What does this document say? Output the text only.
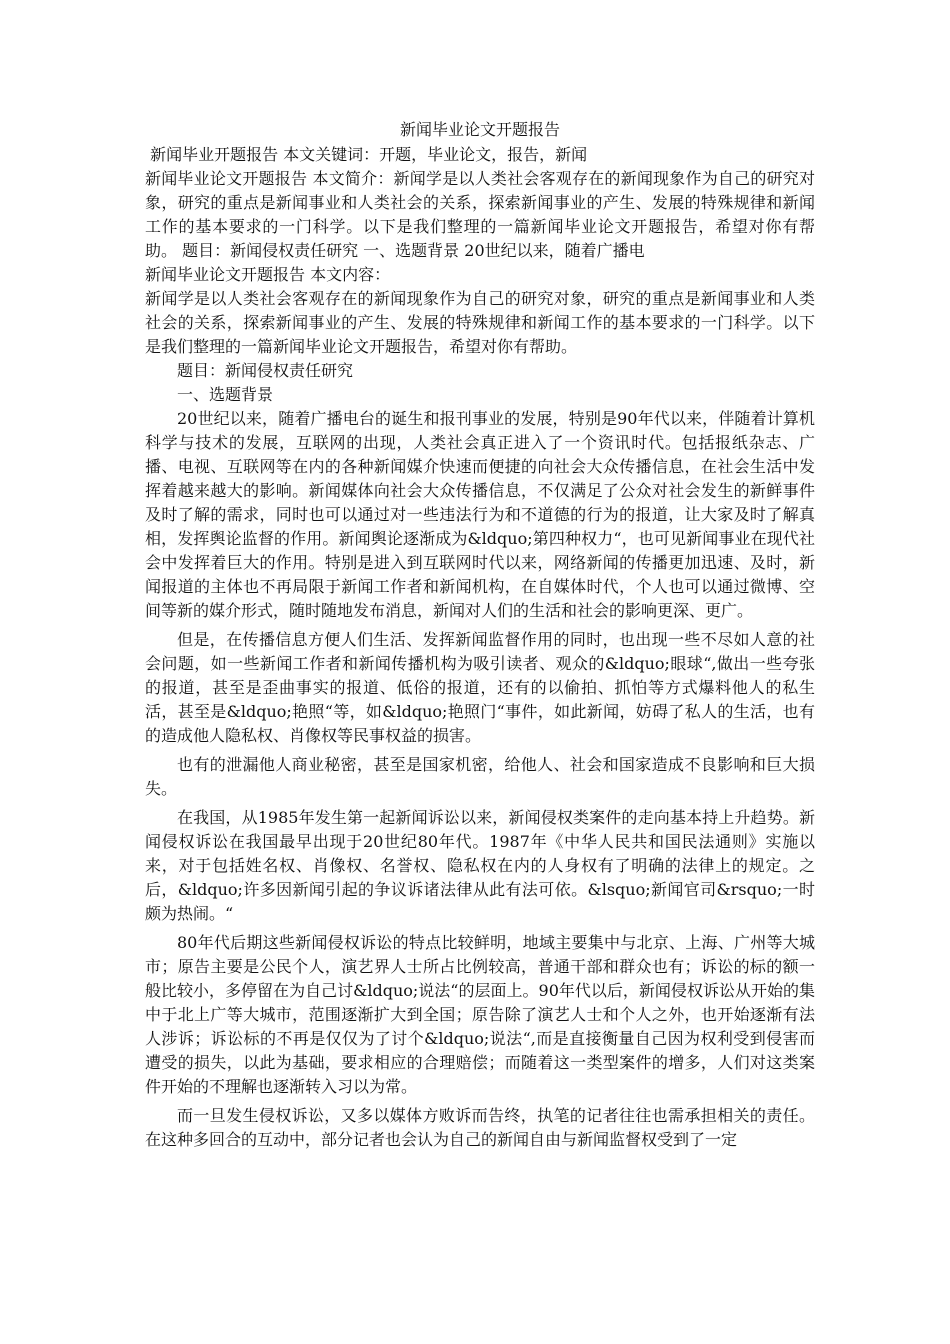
新闻毕业论文开题报告

新闻毕业开题报告 本文关键词：开题，毕业论文，报告，新闻

新闻毕业论文开题报告 本文简介：新闻学是以人类社会客观存在的新闻现象作为自己的研究对象，研究的重点是新闻事业和人类社会的关系，探索新闻事业的产生、发展的特殊规律和新闻工作的基本要求的一门科学。以下是我们整理的一篇新闻毕业论文开题报告，希望对你有帮助。 题目：新闻侵权责任研究 一、选题背景 20世纪以来，随着广播电

新闻毕业论文开题报告 本文内容：

新闻学是以人类社会客观存在的新闻现象作为自己的研究对象，研究的重点是新闻事业和人类社会的关系，探索新闻事业的产生、发展的特殊规律和新闻工作的基本要求的一门科学。以下是我们整理的一篇新闻毕业论文开题报告，希望对你有帮助。

题目：新闻侵权责任研究

一、选题背景

20世纪以来，随着广播电台的诞生和报刊事业的发展，特别是90年代以来，伴随着计算机科学与技术的发展，互联网的出现，人类社会真正进入了一个资讯时代。包括报纸杂志、广播、电视、互联网等在内的各种新闻媒介快速而便捷的向社会大众传播信息，在社会生活中发挥着越来越大的影响。新闻媒体向社会大众传播信息，不仅满足了公众对社会发生的新鲜事件及时了解的需求，同时也可以通过对一些违法行为和不道德的行为的报道，让大家及时了解真相，发挥舆论监督的作用。新闻舆论逐渐成为&ldquo;第四种权力“，也可见新闻事业在现代社会中发挥着巨大的作用。特别是进入到互联网时代以来，网络新闻的传播更加迅速、及时，新闻报道的主体也不再局限于新闻工作者和新闻机构，在自媒体时代，个人也可以通过微博、空间等新的媒介形式，随时随地发布消息，新闻对人们的生活和社会的影响更深、更广。

但是，在传播信息方便人们生活、发挥新闻监督作用的同时，也出现一些不尽如人意的社会问题，如一些新闻工作者和新闻传播机构为吸引读者、观众的&ldquo;眼球“,做出一些夸张的报道，甚至是歪曲事实的报道、低俗的报道，还有的以偷拍、抓怕等方式爆料他人的私生活，甚至是&ldquo;艳照“等，如&ldquo;艳照门“事件，如此新闻，妨碍了私人的生活，也有的造成他人隐私权、肖像权等民事权益的损害。

也有的泄漏他人商业秘密，甚至是国家机密，给他人、社会和国家造成不良影响和巨大损失。

在我国，从1985年发生第一起新闻诉讼以来，新闻侵权类案件的走向基本持上升趋势。新闻侵权诉讼在我国最早出现于20世纪80年代。1987年《中华人民共和国民法通则》实施以来，对于包括姓名权、肖像权、名誉权、隐私权在内的人身权有了明确的法律上的规定。之后，&ldquo;许多因新闻引起的争议诉诸法律从此有法可依。&lsquo;新闻官司&rsquo;一时颇为热闹。“

80年代后期这些新闻侵权诉讼的特点比较鲜明，地域主要集中与北京、上海、广州等大城市；原告主要是公民个人，演艺界人士所占比例较高，普通干部和群众也有；诉讼的标的额一般比较小，多停留在为自己讨&ldquo;说法“的层面上。90年代以后，新闻侵权诉讼从开始的集中于北上广等大城市，范围逐渐扩大到全国；原告除了演艺人士和个人之外，也开始逐渐有法人涉诉；诉讼标的不再是仅仅为了讨个&ldquo;说法“,而是直接衡量自己因为权利受到侵害而遭受的损失，以此为基础，要求相应的合理赔偿；而随着这一类型案件的增多，人们对这类案件开始的不理解也逐渐转入习以为常。

而一旦发生侵权诉讼，又多以媒体方败诉而告终，执笔的记者往往也需承担相关的责任。在这种多回合的互动中，部分记者也会认为自己的新闻自由与新闻监督权受到了一定
